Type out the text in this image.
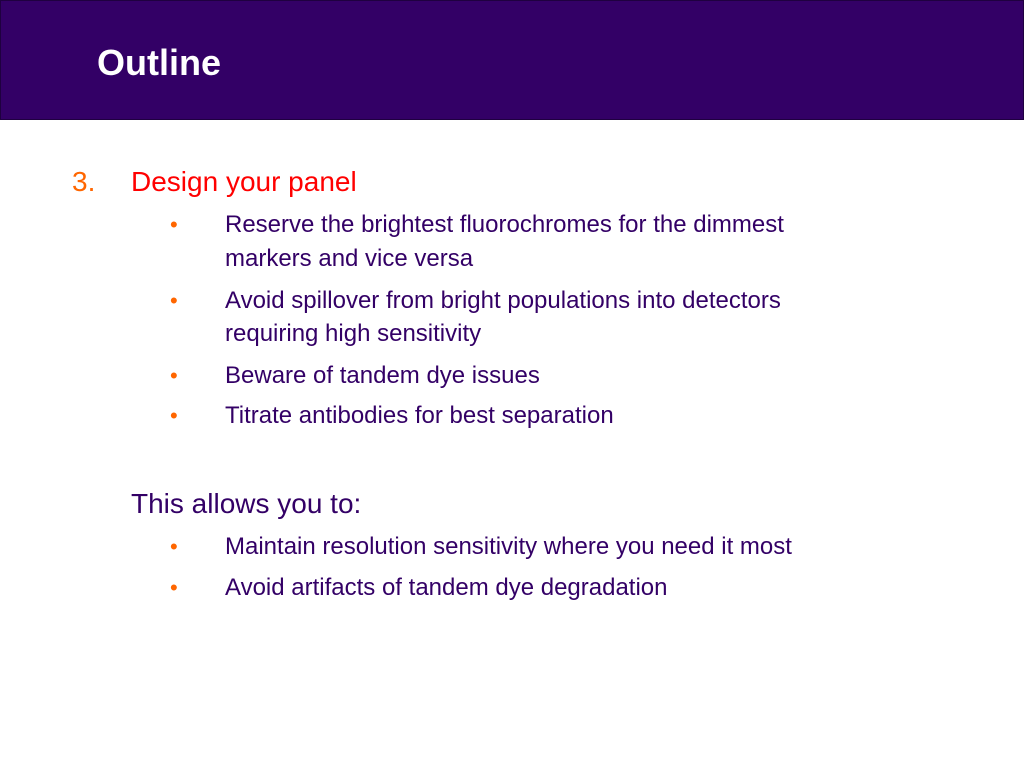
Outline
3. Design your panel
• Reserve the brightest fluorochromes for the dimmest
markers and vice versa
• Avoid spillover from bright populations into detectors
requiring high sensitivity
• Beware of tandem dye issues
• Titrate antibodies for best separation
This allows you to:
• Maintain resolution sensitivity where you need it most
• Avoid artifacts of tandem dye degradation
